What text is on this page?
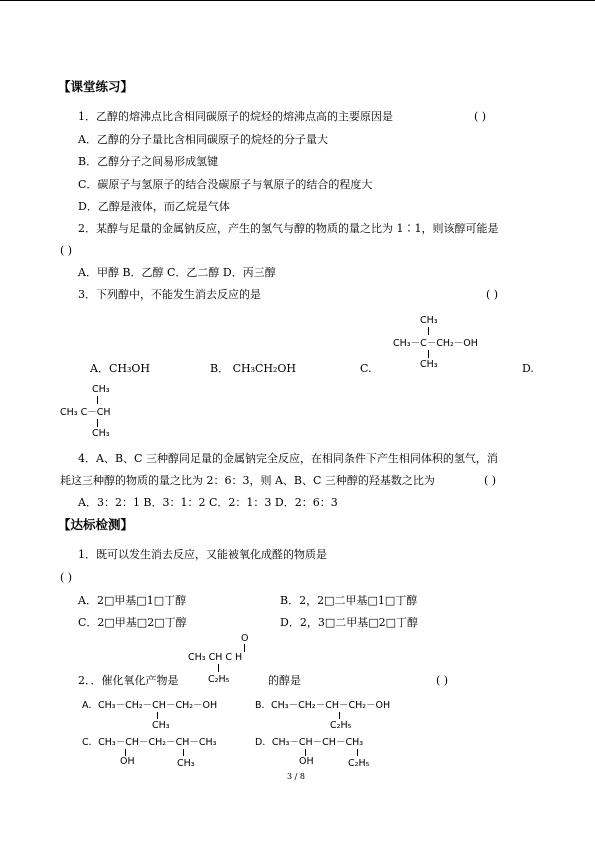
【课堂练习】
1．乙醇的熔沸点比含相同碳原子的烷烃的熔沸点高的主要原因是	( )
A．乙醇的分子量比含相同碳原子的烷烃的分子量大
B．乙醇分子之间易形成氢键
C．碳原子与氢原子的结合没碳原子与氧原子的结合的程度大
D．乙醇是液体，而乙烷是气体
2．某醇与足量的金属钠反应，产生的氢气与醇的物质的量之比为 1∶1，则该醇可能是
( )
A．甲醇 B．乙醇 C．乙二醇 D．丙三醇
3．下列醇中，不能发生消去反应的是	( )
CH₃
CH₃－C－CH₂－OH
CH₃
A．CH₃OH	B． CH₃CH₂OH	C.	D.
CH₃
CH₃ C－CH
CH₃
4．A、B、C 三种醇同足量的金属钠完全反应，在相同条件下产生相同体积的氢气，消
耗这三种醇的物质的量之比为 2：6：3，则 A、B、C 三种醇的羟基数之比为	( )
A．3：2：1 B．3：1：2 C．2：1：3 D．2：6：3
【达标检测】
1．既可以发生消去反应，又能被氧化成醛的物质是
( )
A．2□甲基□1□丁醇	B．2，2□二甲基□1□丁醇
C．2□甲基□2□丁醇	D．2，3□二甲基□2□丁醇
O
CH₃ CH C H
C₂H₅
2．．催化氧化产物是	的醇是	( )
A．CH₃－CH₂－CH－CH₂－OH
CH₃
B．CH₃－CH₂－CH－CH₂－OH
C₂H₅
C．CH₃－CH－CH₂－CH－CH₃
OH	CH₃
D．CH₃－CH－CH－CH₃
OH	C₂H₅
3 / 8
